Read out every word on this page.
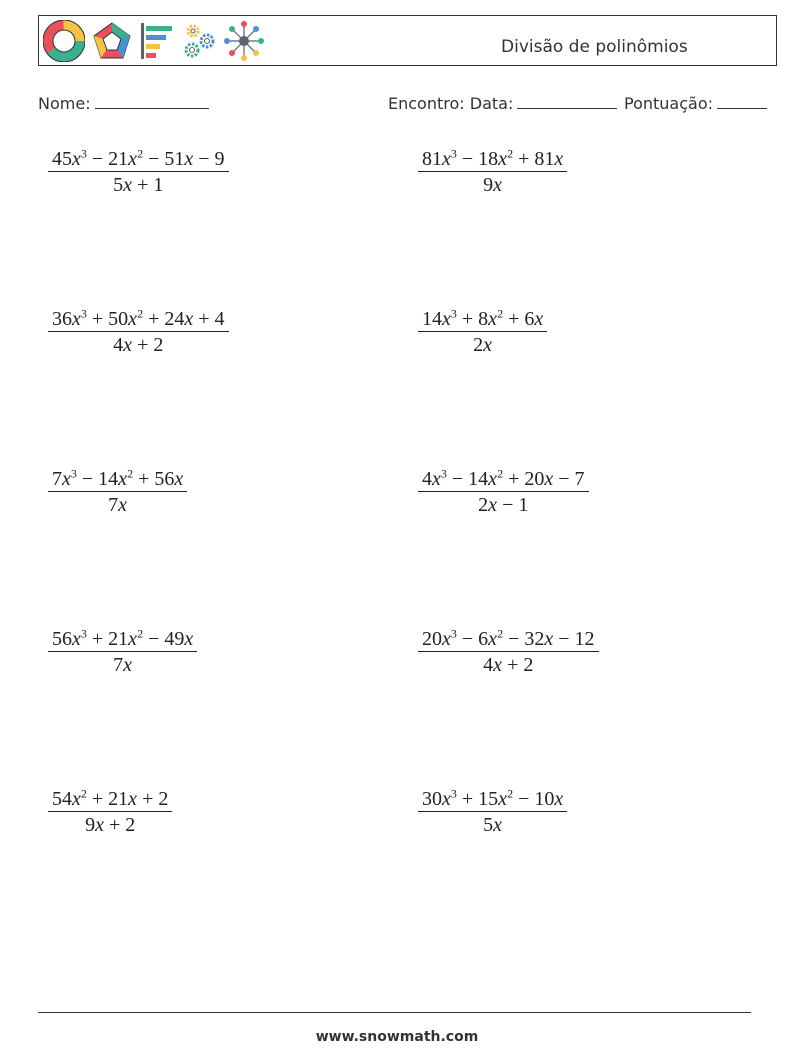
Divisão de polinômios
Nome:	Encontro: Data:	Pontuação:
$\frac{45x^3 - 21x^2 - 51x - 9}{5x + 1}$	$\frac{81x^3 - 18x^2 + 81x}{9x}$
$\frac{36x^3 + 50x^2 + 24x + 4}{4x + 2}$	$\frac{14x^3 + 8x^2 + 6x}{2x}$
$\frac{7x^3 - 14x^2 + 56x}{7x}$	$\frac{4x^3 - 14x^2 + 20x - 7}{2x - 1}$
$\frac{56x^3 + 21x^2 - 49x}{7x}$	$\frac{20x^3 - 6x^2 - 32x - 12}{4x + 2}$
$\frac{54x^2 + 21x + 2}{9x + 2}$	$\frac{30x^3 + 15x^2 - 10x}{5x}$
www.snowmath.com
